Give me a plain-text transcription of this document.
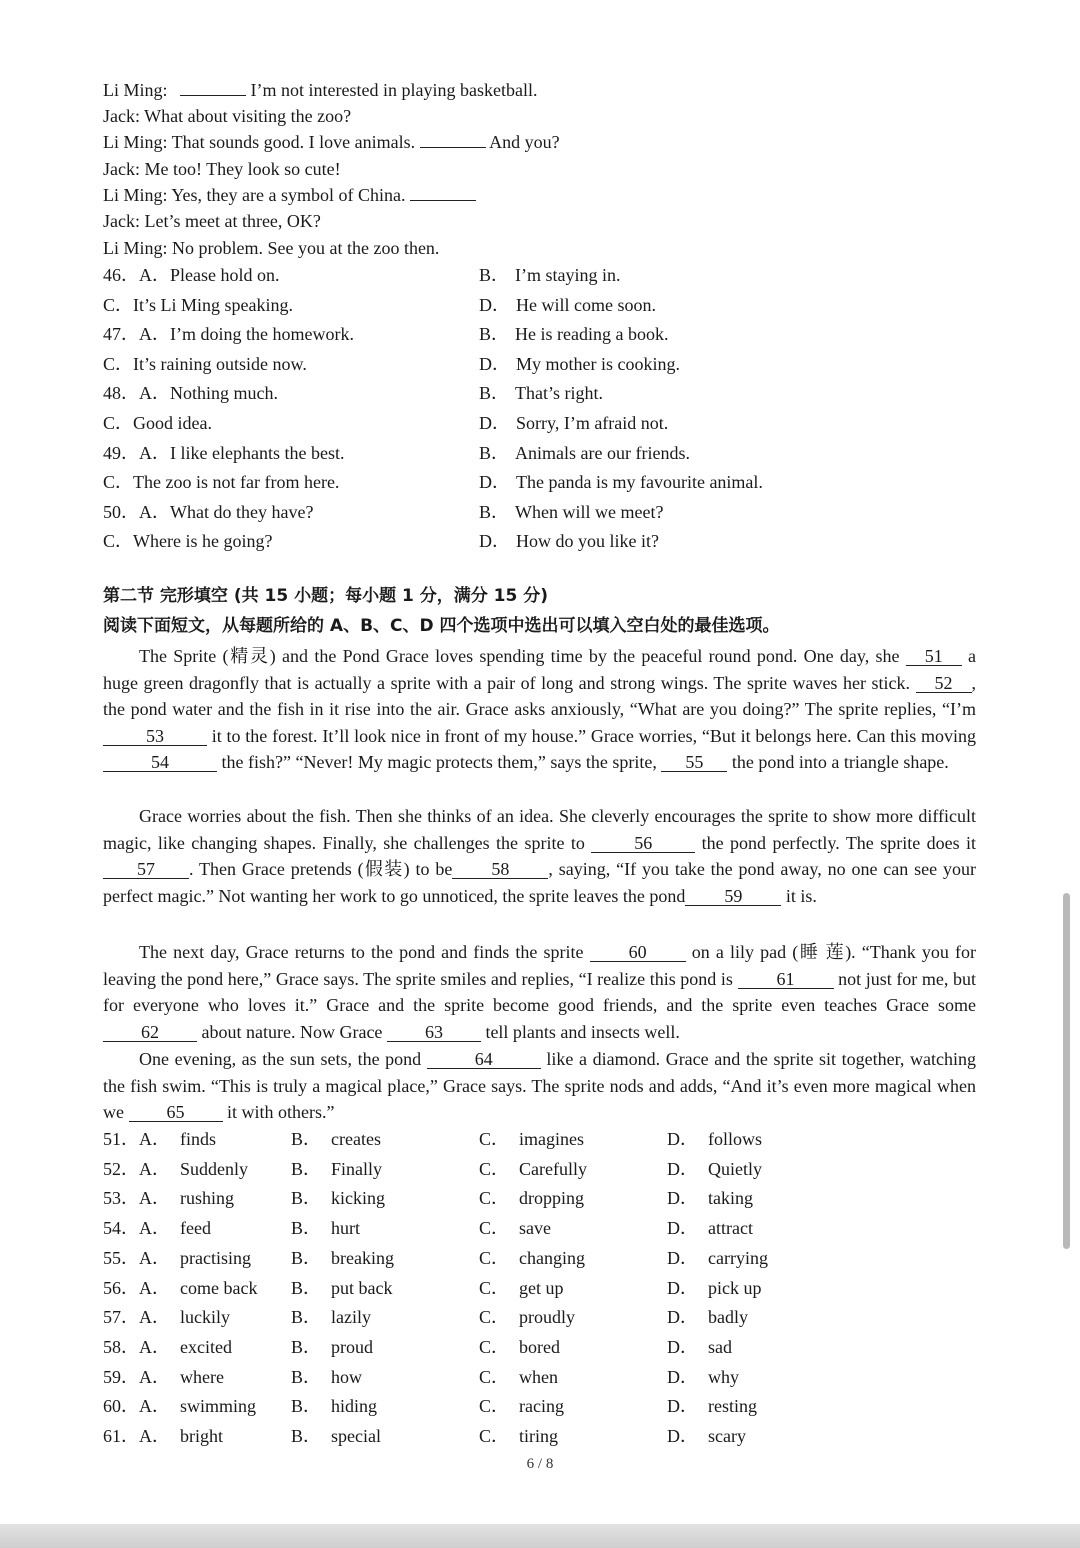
Li Ming:	I’m not interested in playing basketball.
Jack: What about visiting the zoo?
Li Ming: That sounds good. I love animals.	And you?
Jack: Me too! They look so cute!
Li Ming: Yes, they are a symbol of China.
Jack: Let’s meet at three, OK?
Li Ming: No problem. See you at the zoo then.
46．A．Please hold on.	B． I’m staying in.
C．It’s Li Ming speaking.	D． He will come soon.
47．A．I’m doing the homework.	B． He is reading a book.
C．It’s raining outside now.	D． My mother is cooking.
48．A．Nothing much.	B． That’s right.
C．Good idea.	D． Sorry, I’m afraid not.
49．A．I like elephants the best.	B． Animals are our friends.
C．The zoo is not far from here.	D． The panda is my favourite animal.
50．A．What do they have?	B． When will we meet?
C．Where is he going?	D． How do you like it?
第二节 完形填空 (共 15 小题；每小题 1 分，满分 15 分)
阅读下面短文，从每题所给的 A、B、C、D 四个选项中选出可以填入空白处的最佳选项。
The Sprite (精灵) and the Pond Grace loves spending time by the peaceful round pond. One day, she 51 a huge green dragonfly that is actually a sprite with a pair of long and strong wings. The sprite waves her stick. 52 , the pond water and the fish in it rise into the air. Grace asks anxiously, “What are you doing?” The sprite replies, “I’m 53 it to the forest. It’ll look nice in front of my house.” Grace worries, “But it belongs here. Can this moving 54	the fish?” “Never! My magic protects them,” says the sprite, 55 the pond into a triangle shape.
Grace worries about the fish. Then she thinks of an idea. She cleverly encourages the sprite to show more difficult magic, like changing shapes. Finally, she challenges the sprite to 56 the pond perfectly. The sprite does it 57 . Then Grace pretends (假装) to be 58 , saying, “If you take the pond away, no one can see your perfect magic.” Not wanting her work to go unnoticed, the sprite leaves the pond 59 it is.
The next day, Grace returns to the pond and finds the sprite 60 on a lily pad (睡 莲). “Thank you for leaving the pond here,” Grace says. The sprite smiles and replies, “I realize this pond is 61 not just for me, but for everyone who loves it.” Grace and the sprite become good friends, and the sprite even teaches Grace some 62 about nature. Now Grace 63 tell plants and insects well.
One evening, as the sun sets, the pond	64	like a diamond. Grace and the sprite sit together, watching the fish swim. “This is truly a magical place,” Grace says. The sprite nods and adds, “And it’s even more magical when we 65 it with others.”
51．A． finds	B． creates	C． imagines	D． follows
52．A． Suddenly B． Finally	C． Carefully	D． Quietly
53．A． rushing	B． kicking	C． dropping	D． taking
54．A． feed	B． hurt	C． save	D． attract
55．A． practising B． breaking	C． changing	D． carrying
56．A． come back B． put back	C． get up	D． pick up
57．A． luckily	B． lazily	C． proudly	D． badly
58．A． excited	B． proud	C． bored	D． sad
59．A． where	B． how	C． when	D． why
60．A． swimming B． hiding	C． racing	D． resting
61．A． bright	B． special	C． tiring	D． scary
6 / 8
